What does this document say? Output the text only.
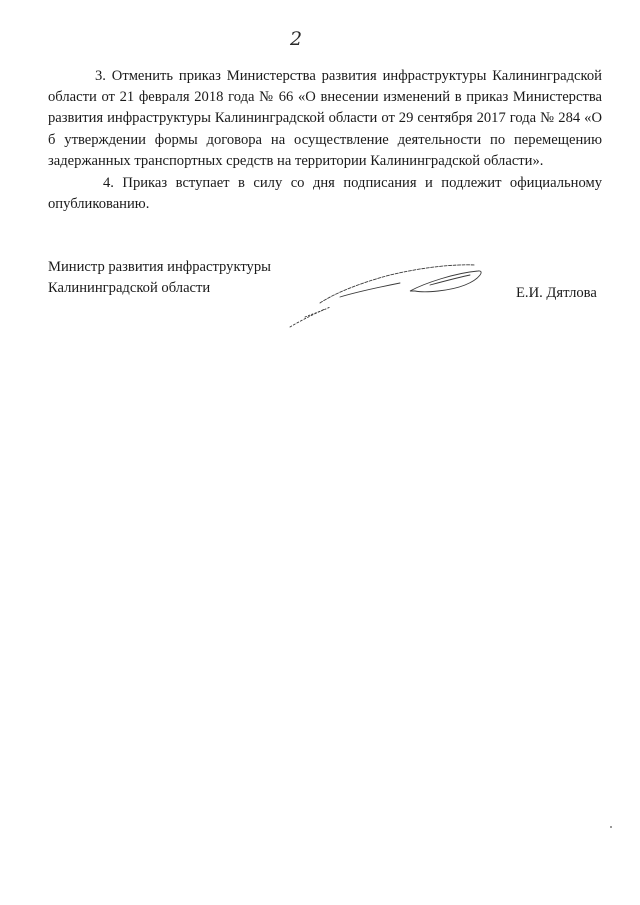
2

3. Отменить приказ Министерства развития инфраструктуры Калининградской области от 21 февраля 2018 года № 66 «О внесении изменений в приказ Министерства развития инфраструктуры Калининградской области от 29 сентября 2017 года № 284 «О б утверждении формы договора на осуществление деятельности по перемещению задержанных транспортных средств на территории Калининградской области».

4. Приказ вступает в силу со дня подписания и подлежит официальному опубликованию.

Министр развития инфраструктуры
Калининградской области	Е.И. Дятлова
